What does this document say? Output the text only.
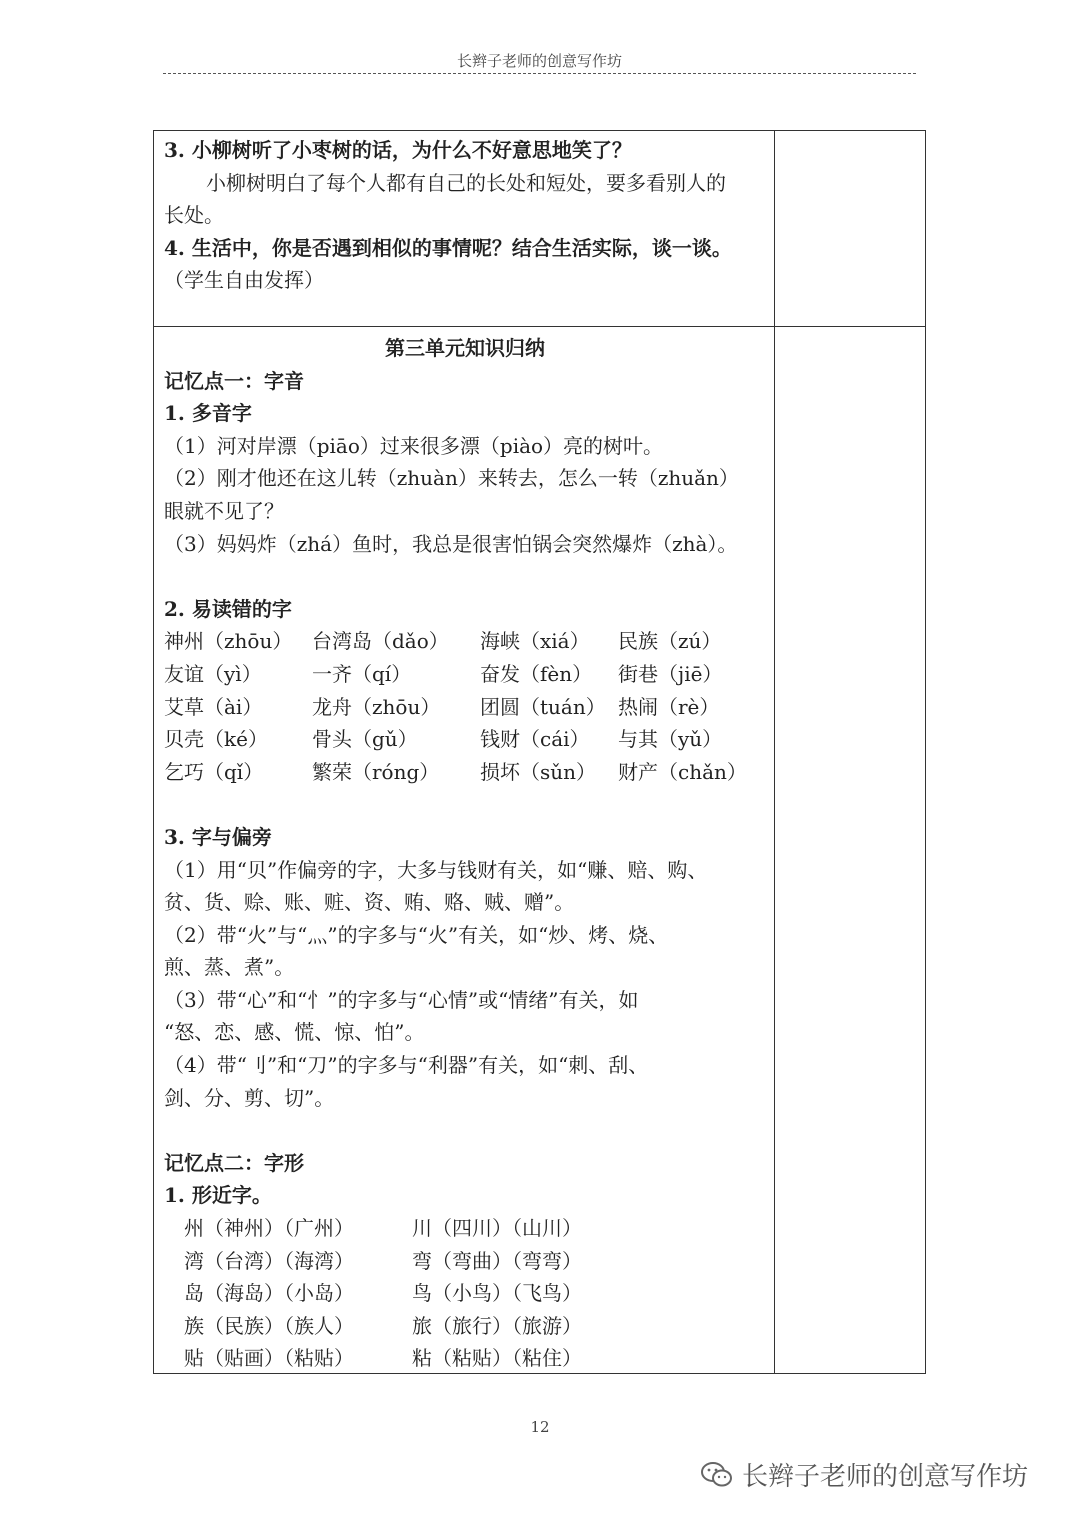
长辫子老师的创意写作坊
3. 小柳树听了小枣树的话，为什么不好意思地笑了？
小柳树明白了每个人都有自己的长处和短处，要多看别人的
长处。
4. 生活中，你是否遇到相似的事情呢？结合生活实际，谈一谈。
（学生自由发挥）
第三单元知识归纳
记忆点一：字音
1. 多音字
（1）河对岸漂（piāo）过来很多漂（piào）亮的树叶。
（2）刚才他还在这儿转（zhuàn）来转去，怎么一转（zhuǎn）
眼就不见了？
（3）妈妈炸（zhá）鱼时，我总是很害怕锅会突然爆炸（zhà）。
2. 易读错的字
神州（zhōu） 台湾岛（dǎo）	海峡（xiá）	民族（zú）
友谊（yì）	一齐（qí）	奋发（fèn）	街巷（jiē）
艾草（ài）	龙舟（zhōu）	团圆（tuán） 热闹（rè）
贝壳（ké）	骨头（gǔ）	钱财（cái）	与其（yǔ）
乞巧（qǐ）	繁荣（róng）	损坏（sǔn）	财产（chǎn）
3. 字与偏旁
（1）用“贝”作偏旁的字，大多与钱财有关，如“赚、赔、购、
贫、货、赊、账、赃、资、贿、赂、贼、赠”。
（2）带“火”与“灬”的字多与“火”有关，如“炒、烤、烧、
煎、蒸、煮”。
（3）带“心”和“忄”的字多与“心情”或“情绪”有关，如
“怒、恋、感、慌、惊、怕”。
（4）带“刂”和“刀”的字多与“利器”有关，如“刺、刮、
剑、分、剪、切”。
记忆点二：字形
1. 形近字。
州（神州）（广州）	川（四川）（山川）
湾（台湾）（海湾）	弯（弯曲）（弯弯）
岛（海岛）（小岛）	鸟（小鸟）（飞鸟）
族（民族）（族人）	旅（旅行）（旅游）
贴（贴画）（粘贴）	粘（粘贴）（粘住）
12
长辫子老师的创意写作坊
